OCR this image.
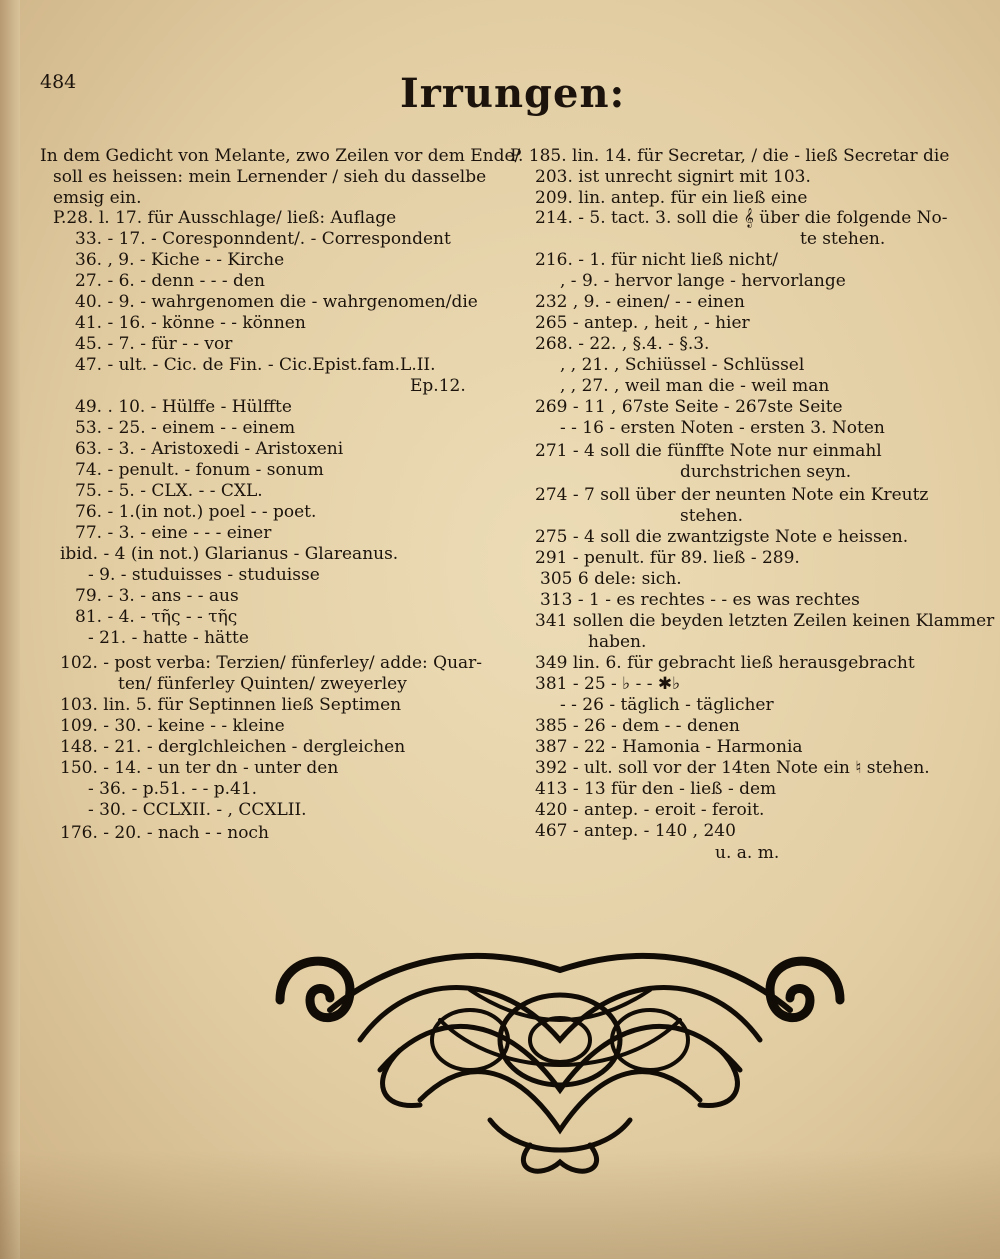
484	Irrungen:
In dem Gedicht von Melante, zwo Zeilen vor dem Ende/
soll es heissen: mein Lernender / sieh du dasselbe
emsig ein.
P.28. l. 17. für Ausschlage/ ließ: Auflage
33. - 17. - Coresponndent/. - Correspondent
36. , 9. - Kiche - - Kirche
27. - 6. - denn - - - den
40. - 9. - wahrgenomen die - wahrgenomen/die
41. - 16. - könne - - können
45. - 7. - für - - vor
47. - ult. - Cic. de Fin. - Cic.Epist.fam.L.II.
Ep.12.
49. . 10. - Hülffe - Hülffte
53. - 25. - einem - - einem
63. - 3. - Aristoxedi - Aristoxeni
74. - penult. - fonum - sonum
75. - 5. - CLX. - - CXL.
76. - 1.(in not.) poel - - poet.
77. - 3. - eine - - - einer
ibid. - 4 (in not.) Glarianus - Glareanus.
- 9. - studuisses - studuisse
79. - 3. - ans - - aus
81. - 4. - τῆς - - τῆς
- 21. - hatte - hätte
102. - post verba: Terzien/ fünferley/ adde: Quar-
ten/ fünferley Quinten/ zweyerley
103. lin. 5. für Septinnen ließ Septimen
109. - 30. - keine - - kleine
148. - 21. - derglchleichen - dergleichen
150. - 14. - un ter dn - unter den
- 36. - p.51. - - p.41.
- 30. - CCLXII. - , CCXLII.
176. - 20. - nach - - noch
P. 185. lin. 14. für Secretar, / die - ließ Secretar die
203. ist unrecht signirt mit 103.
209. lin. antep. für ein ließ eine
214. - 5. tact. 3. soll die 𝄞 über die folgende No-
te stehen.
216. - 1. für nicht ließ nicht/
, - 9. - hervor lange - hervorlange
232 , 9. - einen/ - - einen
265 - antep. , heit , - hier
268. - 22. , §.4. - §.3.
, , 21. , Schiüssel - Schlüssel
, , 27. , weil man die - weil man
269 - 11 , 67ste Seite - 267ste Seite
- - 16 - ersten Noten - ersten 3. Noten
271 - 4 soll die fünffte Note nur einmahl
durchstrichen seyn.
274 - 7 soll über der neunten Note ein Kreutz
stehen.
275 - 4 soll die zwantzigste Note e heissen.
291 - penult. für 89. ließ - 289.
305 6 dele: sich.
313 - 1 - es rechtes - - es was rechtes
341 sollen die beyden letzten Zeilen keinen Klammer
haben.
349 lin. 6. für gebracht ließ herausgebracht
381 - 25 - ♭ - - ✱♭
- - 26 - täglich - täglicher
385 - 26 - dem - - denen
387 - 22 - Hamonia - Harmonia
392 - ult. soll vor der 14ten Note ein ♮ stehen.
413 - 13 für den - ließ - dem
420 - antep. - eroit - feroit.
467 - antep. - 140 , 240
u. a. m.
